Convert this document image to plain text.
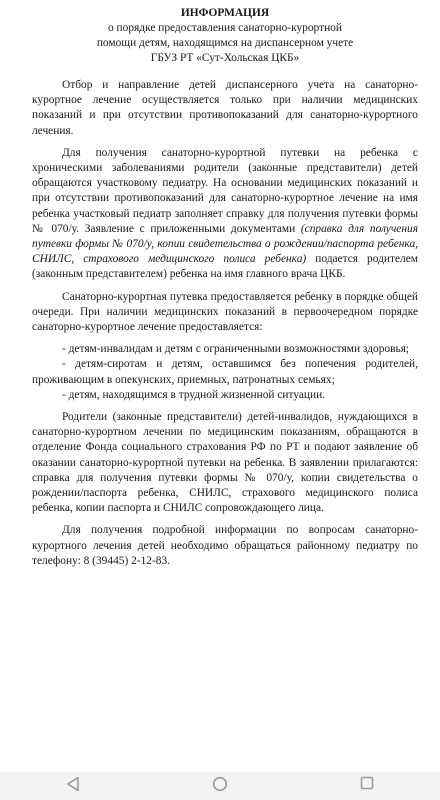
ИНФОРМАЦИЯ
о порядке предоставления санаторно-курортной
помощи детям, находящимся на диспансерном учете
ГБУЗ РТ «Сут-Хольская ЦКБ»

Отбор и направление детей диспансерного учета на санаторно-курортное лечение осуществляется только при наличии медицинских показаний и при отсутствии противопоказаний для санаторно-курортного лечения.

Для получения санаторно-курортной путевки на ребенка с хроническими заболеваниями родители (законные представители) детей обращаются участковому педиатру. На основании медицинских показаний и при отсутствии противопоказаний для санаторно-курортное лечение на имя ребенка участковый педиатр заполняет справку для получения путевки формы № 070/у. Заявление с приложенными документами (справка для получения путевки формы № 070/у, копии свидетельства о рождении/паспорта ребенка, СНИЛС, страхового медицинского полиса ребенка) подается родителем (законным представителем) ребенка на имя главного врача ЦКБ.

Санаторно-курортная путевка предоставляется ребенку в порядке общей очереди. При наличии медицинских показаний в первоочередном порядке санаторно-курортное лечение предоставляется:

- детям-инвалидам и детям с ограниченными возможностями здоровья;

- детям-сиротам и детям, оставшимся без попечения родителей, проживающим в опекунских, приемных, патронатных семьях;

- детям, находящимся в трудной жизненной ситуации.

Родители (законные представители) детей-инвалидов, нуждающихся в санаторно-курортном лечении по медицинским показаниям, обращаются в отделение Фонда социального страхования РФ по РТ и подают заявление об оказании санаторно-курортной путевки на ребенка. В заявлении прилагаются: справка для получения путевки формы № 070/у, копии свидетельства о рождении/паспорта ребенка, СНИЛС, страхового медицинского полиса ребенка, копии паспорта и СНИЛС сопровождающего лица.

Для получения подробной информации по вопросам санаторно-курортного лечения детей необходимо обращаться районному педиатру по телефону: 8 (39445) 2-12-83.
